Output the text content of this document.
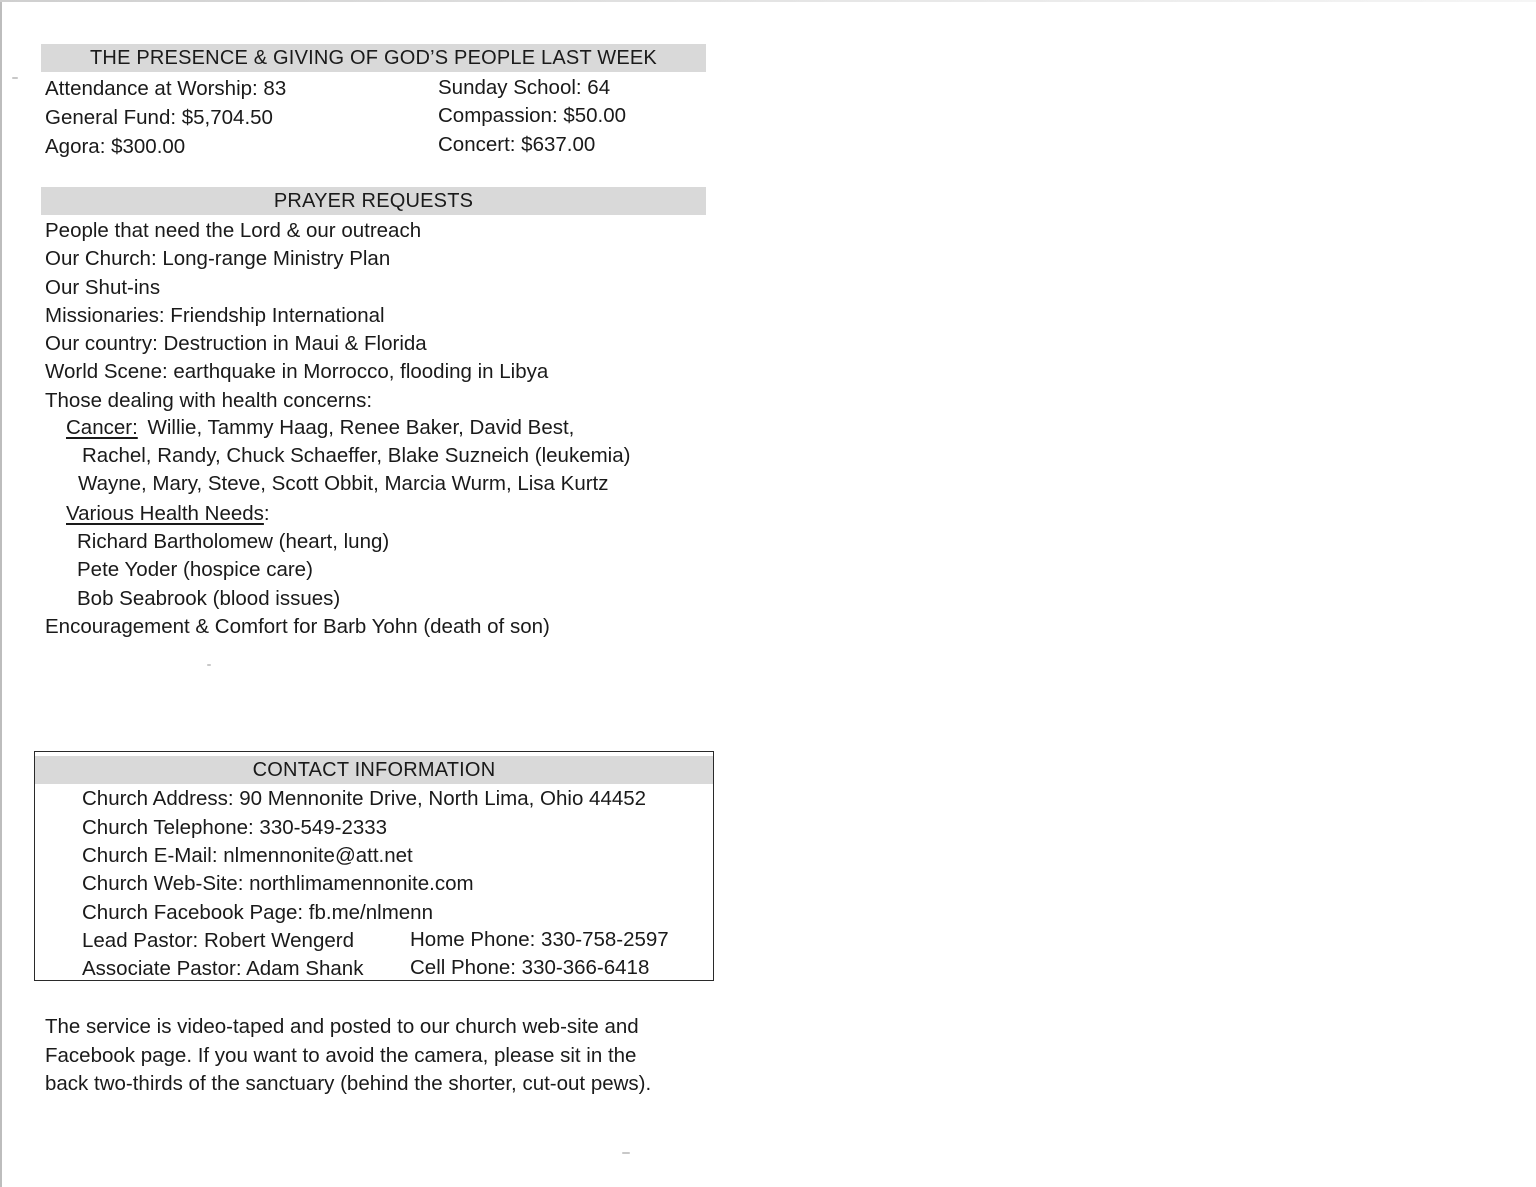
THE PRESENCE & GIVING OF GOD’S PEOPLE LAST WEEK
Attendance at Worship: 83
General Fund: $5,704.50
Agora: $300.00
Sunday School: 64
Compassion: $50.00
Concert: $637.00
PRAYER REQUESTS
People that need the Lord & our outreach
Our Church: Long-range Ministry Plan
Our Shut-ins
Missionaries: Friendship International
Our country: Destruction in Maui & Florida
World Scene: earthquake in Morrocco, flooding in Libya
Those dealing with health concerns:
Cancer: Willie, Tammy Haag, Renee Baker, David Best,
Rachel, Randy, Chuck Schaeffer, Blake Suzneich (leukemia)
Wayne, Mary, Steve, Scott Obbit, Marcia Wurm, Lisa Kurtz
Various Health Needs:
Richard Bartholomew (heart, lung)
Pete Yoder (hospice care)
Bob Seabrook (blood issues)
Encouragement & Comfort for Barb Yohn (death of son)
CONTACT INFORMATION
Church Address: 90 Mennonite Drive, North Lima, Ohio 44452
Church Telephone: 330-549-2333
Church E-Mail: nlmennonite@att.net
Church Web-Site: northlimamennonite.com
Church Facebook Page: fb.me/nlmenn
Lead Pastor: Robert Wengerd	Home Phone: 330-758-2597
Associate Pastor: Adam Shank Cell Phone: 330-366-6418
The service is video-taped and posted to our church web-site and
Facebook page. If you want to avoid the camera, please sit in the
back two-thirds of the sanctuary (behind the shorter, cut-out pews).
